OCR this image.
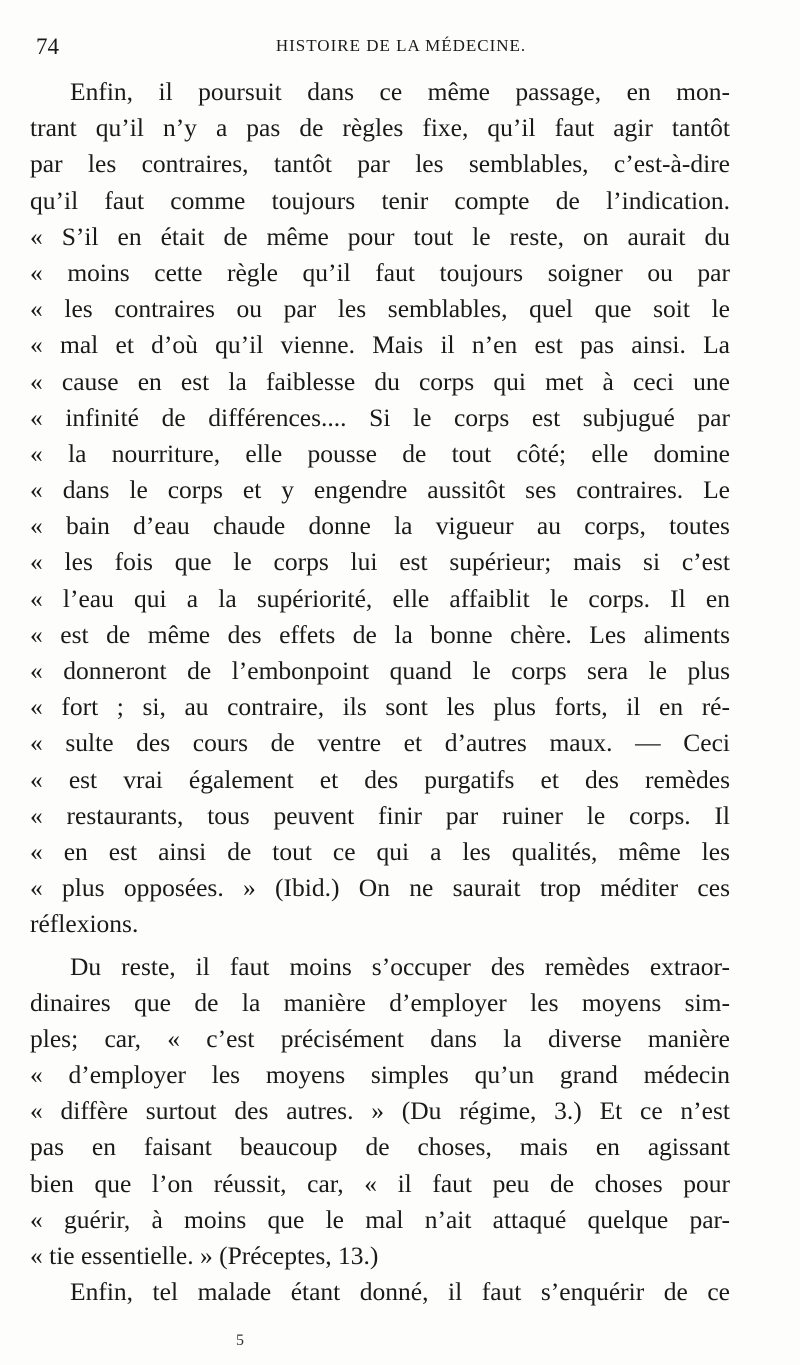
74	HISTOIRE DE LA MÉDECINE.
Enfin, il poursuit dans ce même passage, en mon-
trant qu’il n’y a pas de règles fixe, qu’il faut agir tantôt
par les contraires, tantôt par les semblables, c’est-à-dire
qu’il faut comme toujours tenir compte de l’indication.
« S’il en était de même pour tout le reste, on aurait du
« moins cette règle qu’il faut toujours soigner ou par
« les contraires ou par les semblables, quel que soit le
« mal et d’où qu’il vienne. Mais il n’en est pas ainsi. La
« cause en est la faiblesse du corps qui met à ceci une
« infinité de différences.... Si le corps est subjugué par
« la nourriture, elle pousse de tout côté; elle domine
« dans le corps et y engendre aussitôt ses contraires. Le
« bain d’eau chaude donne la vigueur au corps, toutes
« les fois que le corps lui est supérieur; mais si c’est
« l’eau qui a la supériorité, elle affaiblit le corps. Il en
« est de même des effets de la bonne chère. Les aliments
« donneront de l’embonpoint quand le corps sera le plus
« fort ; si, au contraire, ils sont les plus forts, il en ré-
« sulte des cours de ventre et d’autres maux. — Ceci
« est vrai également et des purgatifs et des remèdes
« restaurants, tous peuvent finir par ruiner le corps. Il
« en est ainsi de tout ce qui a les qualités, même les
« plus opposées. » (Ibid.) On ne saurait trop méditer ces
réflexions.
Du reste, il faut moins s’occuper des remèdes extraor-
dinaires que de la manière d’employer les moyens sim-
ples; car, « c’est précisément dans la diverse manière
« d’employer les moyens simples qu’un grand médecin
« diffère surtout des autres. » (Du régime, 3.) Et ce n’est
pas en faisant beaucoup de choses, mais en agissant
bien que l’on réussit, car, « il faut peu de choses pour
« guérir, à moins que le mal n’ait attaqué quelque par-
« tie essentielle. » (Préceptes, 13.)
Enfin, tel malade étant donné, il faut s’enquérir de ce
5
